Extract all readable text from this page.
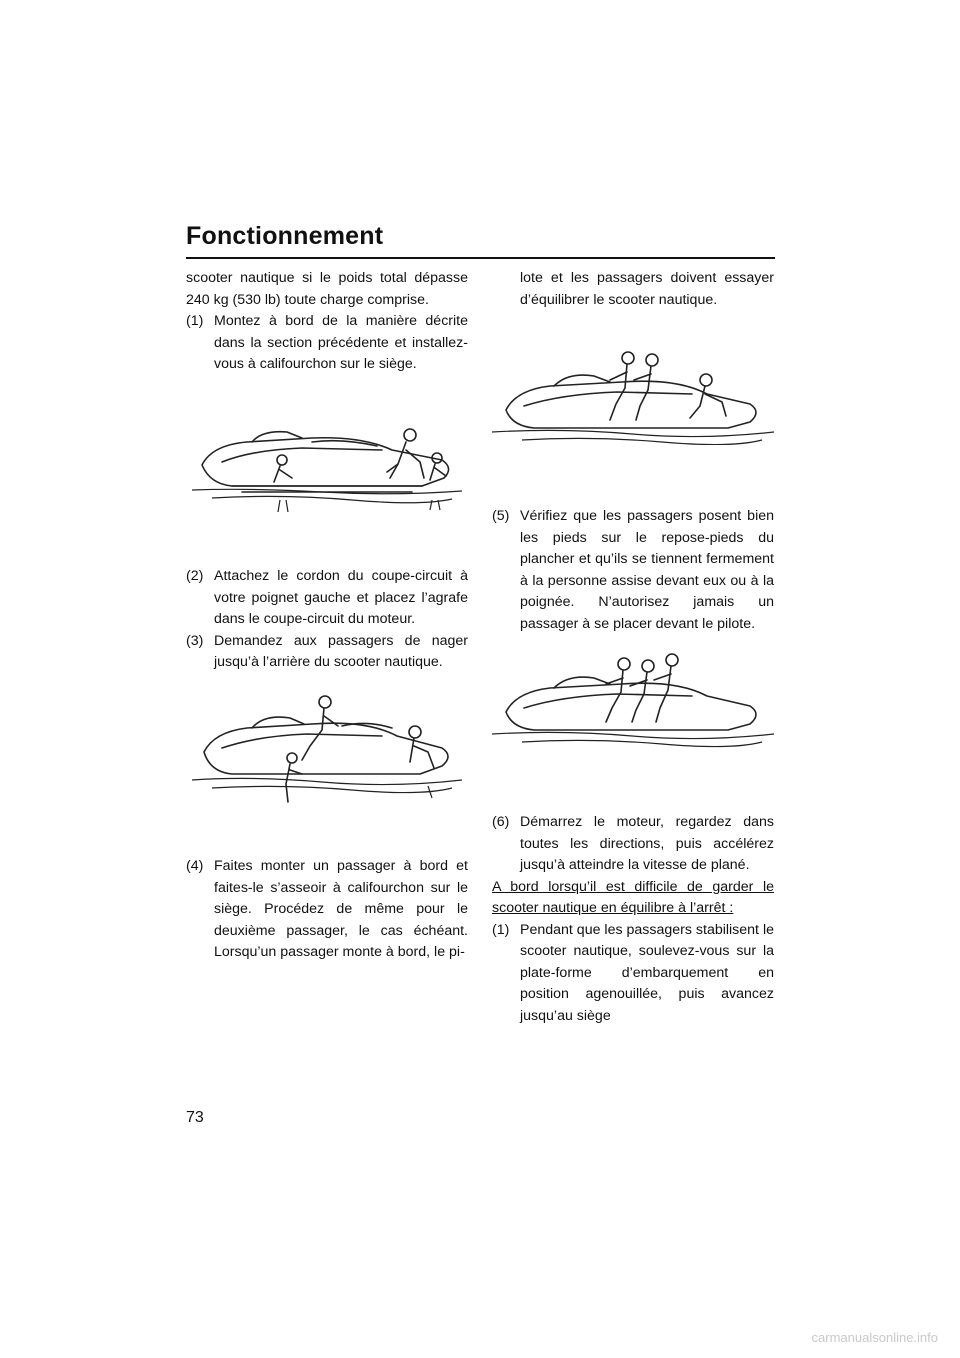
Fonctionnement

scooter nautique si le poids total dépasse 240 kg (530 lb) toute charge comprise.

(1) Montez à bord de la manière décrite dans la section précédente et installez-vous à califourchon sur le siège.
(2) Attachez le cordon du coupe-circuit à votre poignet gauche et placez l’agrafe dans le coupe-circuit du moteur.
(3) Demandez aux passagers de nager jusqu’à l’arrière du scooter nautique.
(4) Faites monter un passager à bord et faites-le s’asseoir à califourchon sur le siège. Procédez de même pour le deuxième passager, le cas échéant. Lorsqu’un passager monte à bord, le pi-
lote et les passagers doivent essayer d’équilibrer le scooter nautique.
(5) Vérifiez que les passagers posent bien les pieds sur le repose-pieds du plancher et qu’ils se tiennent fermement à la personne assise devant eux ou à la poignée. N’autorisez jamais un passager à se placer devant le pilote.
(6) Démarrez le moteur, regardez dans toutes les directions, puis accélérez jusqu’à atteindre la vitesse de plané.

A bord lorsqu’il est difficile de garder le scooter nautique en équilibre à l’arrêt :

(1) Pendant que les passagers stabilisent le scooter nautique, soulevez-vous sur la plate-forme d’embarquement en position agenouillée, puis avancez jusqu’au siège
73
carmanualsonline.info
